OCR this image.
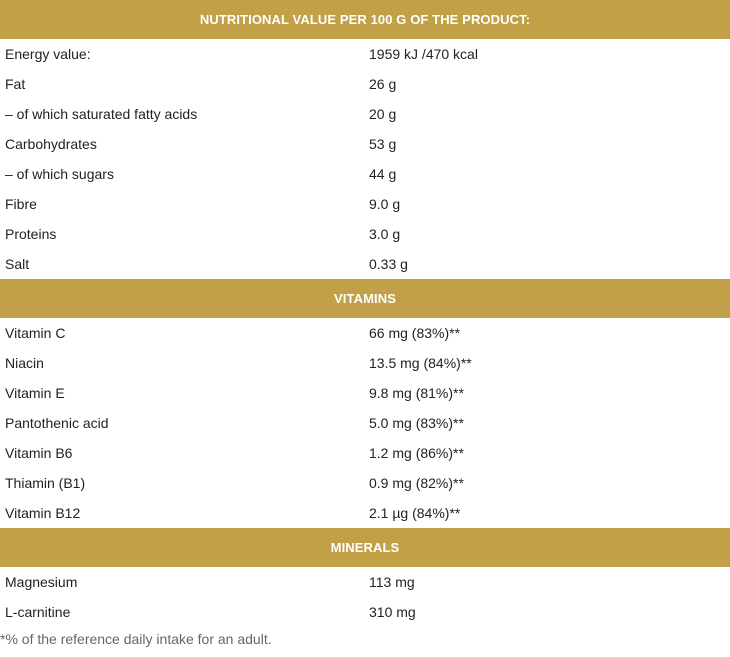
NUTRITIONAL VALUE PER 100 G OF THE PRODUCT:	
Energy value:	1959 kJ /470 kcal
Fat	26 g
– of which saturated fatty acids	20 g
Carbohydrates	53 g
– of which sugars	44 g
Fibre	9.0 g
Proteins	3.0 g
Salt	0.33 g
VITAMINS	
Vitamin C	66 mg (83%)**
Niacin	13.5 mg (84%)**
Vitamin E	9.8 mg (81%)**
Pantothenic acid	5.0 mg (83%)**
Vitamin B6	1.2 mg (86%)**
Thiamin (B1)	0.9 mg (82%)**
Vitamin B12	2.1 µg (84%)**
MINERALS	
Magnesium	113 mg
L-carnitine	310 mg
*% of the reference daily intake for an adult.
